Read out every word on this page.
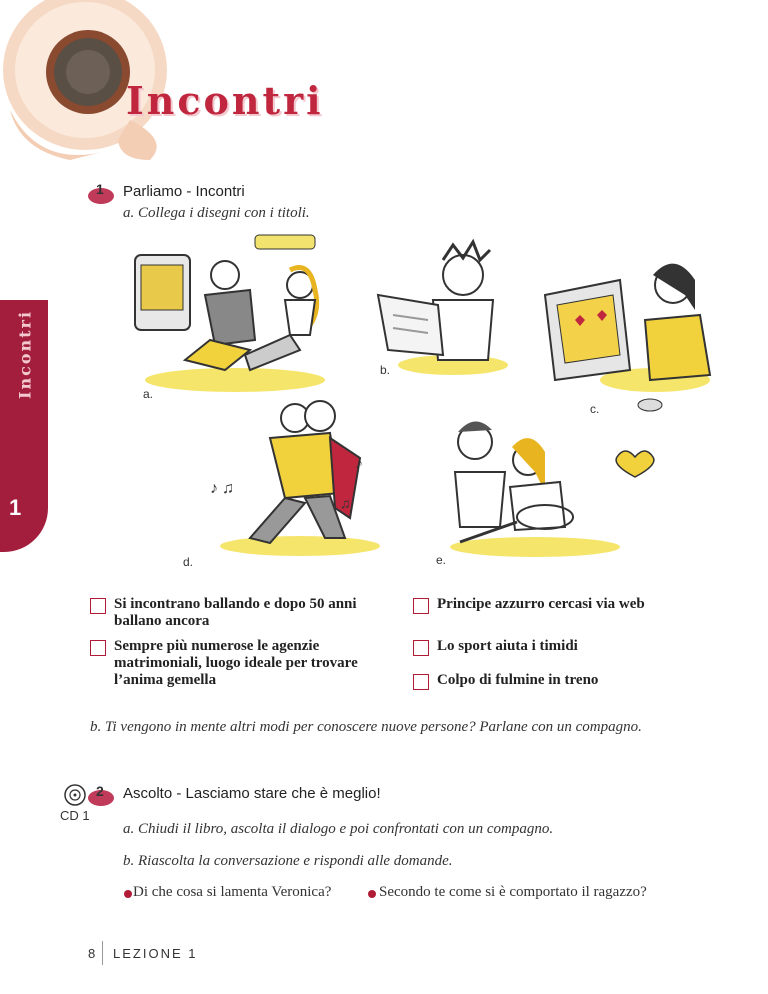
Incontri
Incontri
1
1 Parliamo - Incontri
a. Collega i disegni con i titoli.
a.
b.
c.
♪ ♫
♪
♫
d.	e.
Si incontrano ballando e dopo 50 anni ballano ancora
Sempre più numerose le agenzie matrimoniali, luogo ideale per trovare l’anima gemella
Principe azzurro cercasi via web
Lo sport aiuta i timidi
Colpo di fulmine in treno
b. Ti vengono in mente altri modi per conoscere nuove persone? Parlane con un compagno.
2
CD 1
Ascolto - Lasciamo stare che è meglio!
a. Chiudi il libro, ascolta il dialogo e poi confrontati con un compagno.
b. Riascolta la conversazione e rispondi alle domande.
Di che cosa si lamenta Veronica?	Secondo te come si è comportato il ragazzo?
8 LEZIONE 1
